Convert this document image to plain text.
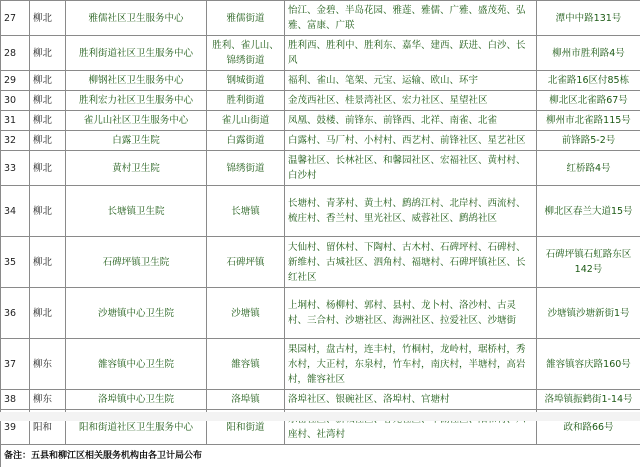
27	柳北	雅儒社区卫生服务中心	雅儒街道	怡江、金碧、半岛花园、雅莲、雅儒、广雅、盛茂苑、弘雅、富康、广联	潭中中路131号
28	柳北	胜利街道社区卫生服务中心	胜利、雀儿山、锦绣街道	胜利西、胜利中、胜利东、嘉华、建西、跃进、白沙、长风	柳州市胜利路4号
29	柳北	柳钢社区卫生服务中心	钢城街道	福利、雀山、笔架、元宝、运输、欧山、环宇	北雀路16区付85栋
30	柳北	胜利宏力社区卫生服务中心	胜利街道	金茂西社区、桂景湾社区、宏力社区、星望社区	柳北区北雀路67号
31	柳北	雀儿山社区卫生服务中心	雀儿山街道	凤凰、鼓楼、前锋东、前锋西、北祥、南雀、北雀	柳州市北雀路115号
32	柳北	白露卫生院	白露街道	白露村、马厂村、小村村、西艺村、前锋社区、星艺社区	前锋路5-2号
33	柳北	黄村卫生院	锦绣街道	温馨社区、长林社区、和馨园社区、宏福社区、黄村村、白沙村	红桥路4号
34	柳北	长塘镇卫生院	长塘镇	长塘村、青茅村、黄土村、鹧鸪江村、北岸村、西流村、梳庄村、香兰村、里光社区、威蓉社区、鹧鸪社区	柳北区春兰大道15号
35	柳北	石碑坪镇卫生院	石碑坪镇	大仙村、留休村、下陶村、古木村、石碑坪村、石碑村、新维村、古城社区、泗角村、福塘村、石碑坪镇社区、长红社区	石碑坪镇石虹路东区142号
36	柳北	沙塘镇中心卫生院	沙塘镇	上垌村、杨柳村、郭村、县村、龙卜村、洛沙村、古灵村、三合村、沙塘社区、海洲社区、拉爱社区、沙塘街	沙塘镇沙塘新街1号
37	柳东	雒容镇中心卫生院	雒容镇	果园村，盘古村，连丰村，竹桐村，龙岭村，琚桥村，秀水村，大正村，东泉村，竹车村，南庆村，半塘村，高岩村，雒容社区	雒容镇容庆路160号
38	柳东	洛埠镇中心卫生院	洛埠镇	洛埠社区、银碗社区、洛埠村、官塘村	洛埠镇振鹤街1-14号
39	阳和	阳和街道社区卫生服务中心	阳和街道	座村、社湾村	政和路66号
备注：五县和柳江区相关服务机构由各卫计局公布					
